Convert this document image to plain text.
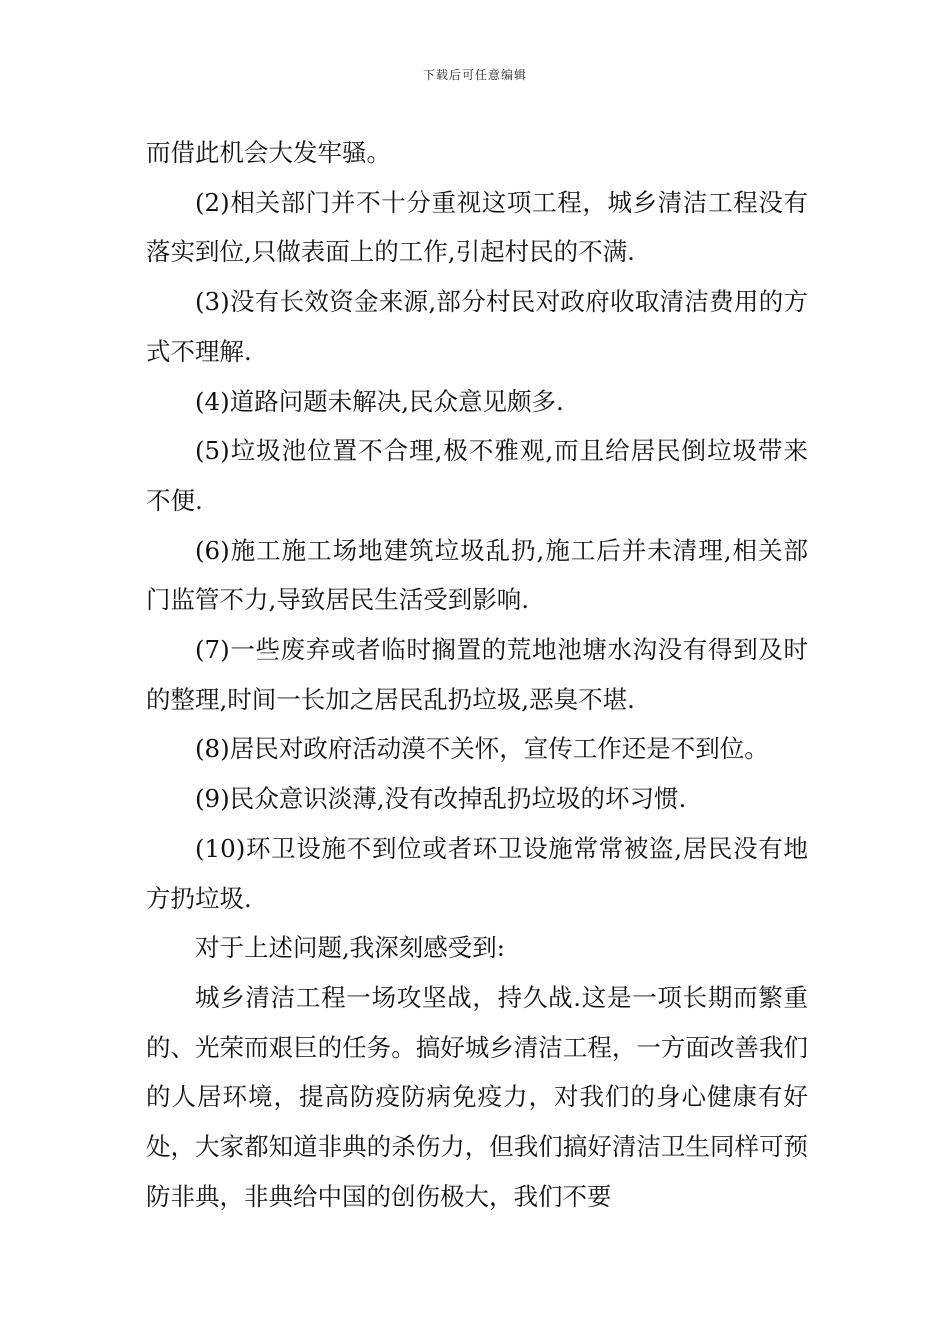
下载后可任意编辑

而借此机会大发牢骚。

(2)相关部门并不十分重视这项工程，城乡清洁工程没有落实到位,只做表面上的工作,引起村民的不满.

(3)没有长效资金来源,部分村民对政府收取清洁费用的方式不理解.

(4)道路问题未解决,民众意见颇多.

(5)垃圾池位置不合理,极不雅观,而且给居民倒垃圾带来不便.

(6)施工施工场地建筑垃圾乱扔,施工后并未清理,相关部门监管不力,导致居民生活受到影响.

(7)一些废弃或者临时搁置的荒地池塘水沟没有得到及时的整理,时间一长加之居民乱扔垃圾,恶臭不堪.

(8)居民对政府活动漠不关怀，宣传工作还是不到位。

(9)民众意识淡薄,没有改掉乱扔垃圾的坏习惯.

(10)环卫设施不到位或者环卫设施常常被盗,居民没有地方扔垃圾.

对于上述问题,我深刻感受到:

城乡清洁工程一场攻坚战，持久战.这是一项长期而繁重的、光荣而艰巨的任务。搞好城乡清洁工程，一方面改善我们的人居环境，提高防疫防病免疫力，对我们的身心健康有好处，大家都知道非典的杀伤力，但我们搞好清洁卫生同样可预防非典，非典给中国的创伤极大，我们不要
